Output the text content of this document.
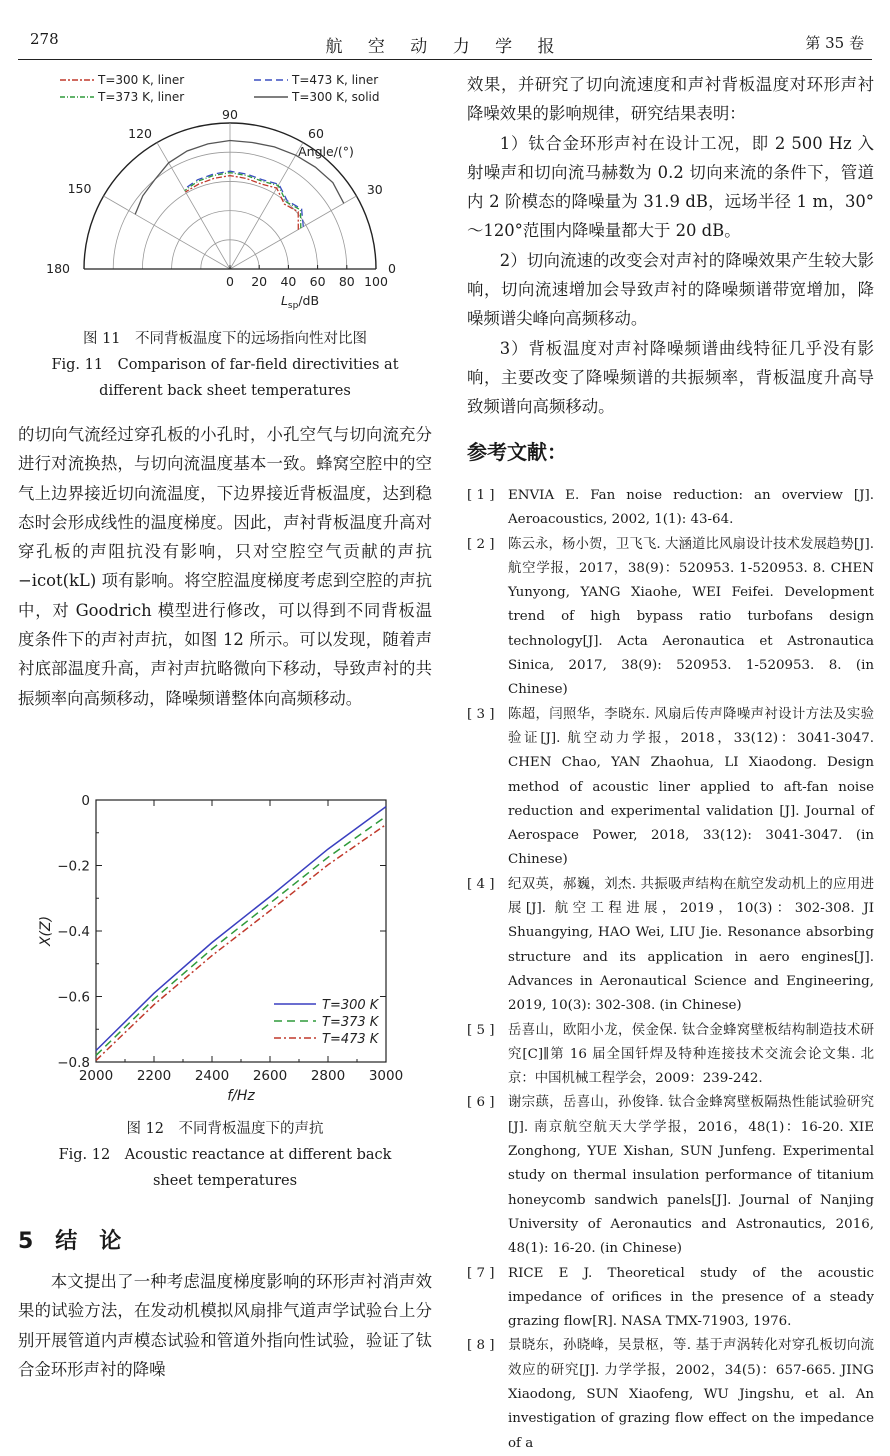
278	航 空 动 力 学 报	第 35 卷
0 20 40 60 80 100
90
120	60
150	30
180	0
Angle/(°)
$L_{sp}/dB$
T=300 K, liner	T=473 K, liner
T=373 K, liner	T=300 K, solid
图 11　不同背板温度下的远场指向性对比图
Fig. 11　Comparison of far-field directivities at
different back sheet temperatures

的切向气流经过穿孔板的小孔时，小孔空气与切向流充分进行对流换热，与切向流温度基本一致。蜂窝空腔中的空气上边界接近切向流温度，下边界接近背板温度，达到稳态时会形成线性的温度梯度。因此，声衬背板温度升高对穿孔板的声阻抗没有影响，只对空腔空气贡献的声抗 −icot(kL) 项有影响。将空腔温度梯度考虑到空腔的声抗中，对 Goodrich 模型进行修改，可以得到不同背板温度条件下的声衬声抗，如图 12 所示。可以发现，随着声衬底部温度升高，声衬声抗略微向下移动，导致声衬的共振频率向高频移动，降噪频谱整体向高频移动。

2000 2200 2400 2600 2800 3000
0
−0.2
−0.4
−0.6
−0.8
f/Hz
X(Z)
T=300 K
T=373 K
T=473 K
图 12　不同背板温度下的声抗
Fig. 12　Acoustic reactance at different back
sheet temperatures
5　结　论

本文提出了一种考虑温度梯度影响的环形声衬消声效果的试验方法，在发动机模拟风扇排气道声学试验台上分别开展管道内声模态试验和管道外指向性试验，验证了钛合金环形声衬的降噪

效果，并研究了切向流速度和声衬背板温度对环形声衬降噪效果的影响规律，研究结果表明：

1）钛合金环形声衬在设计工况，即 2 500 Hz 入射噪声和切向流马赫数为 0.2 切向来流的条件下，管道内 2 阶模态的降噪量为 31.9 dB，远场半径 1 m，30°～120°范围内降噪量都大于 20 dB。

2）切向流速的改变会对声衬的降噪效果产生较大影响，切向流速增加会导致声衬的降噪频谱带宽增加，降噪频谱尖峰向高频移动。

3）背板温度对声衬降噪频谱曲线特征几乎没有影响，主要改变了降噪频谱的共振频率，背板温度升高导致频谱向高频移动。

参考文献：

[ 1 ] ENVIA E. Fan noise reduction: an overview [J]. Aeroacoustics, 2002, 1(1): 43-64.

[ 2 ] 陈云永，杨小贺，卫飞飞. 大涵道比风扇设计技术发展趋势[J]. 航空学报，2017，38(9)：520953. 1-520953. 8. CHEN Yunyong, YANG Xiaohe, WEI Feifei. Development trend of high bypass ratio turbofans design technology[J]. Acta Aeronautica et Astronautica Sinica, 2017, 38(9): 520953. 1-520953. 8. (in Chinese)

[ 3 ] 陈超，闫照华，李晓东. 风扇后传声降噪声衬设计方法及实验验证[J]. 航空动力学报，2018，33(12)：3041-3047. CHEN Chao, YAN Zhaohua, LI Xiaodong. Design method of acoustic liner applied to aft-fan noise reduction and experimental validation [J]. Journal of Aerospace Power, 2018, 33(12): 3041-3047. (in Chinese)

[ 4 ] 纪双英，郝巍，刘杰. 共振吸声结构在航空发动机上的应用进展[J]. 航空工程进展，2019，10(3)：302-308. JI Shuangying, HAO Wei, LIU Jie. Resonance absorbing structure and its application in aero engines[J]. Advances in Aeronautical Science and Engineering, 2019, 10(3): 302-308. (in Chinese)

[ 5 ] 岳喜山，欧阳小龙，侯金保. 钛合金蜂窝壁板结构制造技术研究[C]∥第 16 届全国钎焊及特种连接技术交流会论文集. 北京：中国机械工程学会，2009：239-242.

[ 6 ] 谢宗蕻，岳喜山，孙俊锋. 钛合金蜂窝壁板隔热性能试验研究[J]. 南京航空航天大学学报，2016，48(1)：16-20. XIE Zonghong, YUE Xishan, SUN Junfeng. Experimental study on thermal insulation performance of titanium honeycomb sandwich panels[J]. Journal of Nanjing University of Aeronautics and Astronautics, 2016, 48(1): 16-20. (in Chinese)

[ 7 ] RICE E J. Theoretical study of the acoustic impedance of orifices in the presence of a steady grazing flow[R]. NASA TMX-71903, 1976.

[ 8 ] 景晓东，孙晓峰，吴景枢，等. 基于声涡转化对穿孔板切向流效应的研究[J]. 力学学报，2002，34(5)：657-665. JING Xiaodong, SUN Xiaofeng, WU Jingshu, et al. An investigation of grazing flow effect on the impedance of a
